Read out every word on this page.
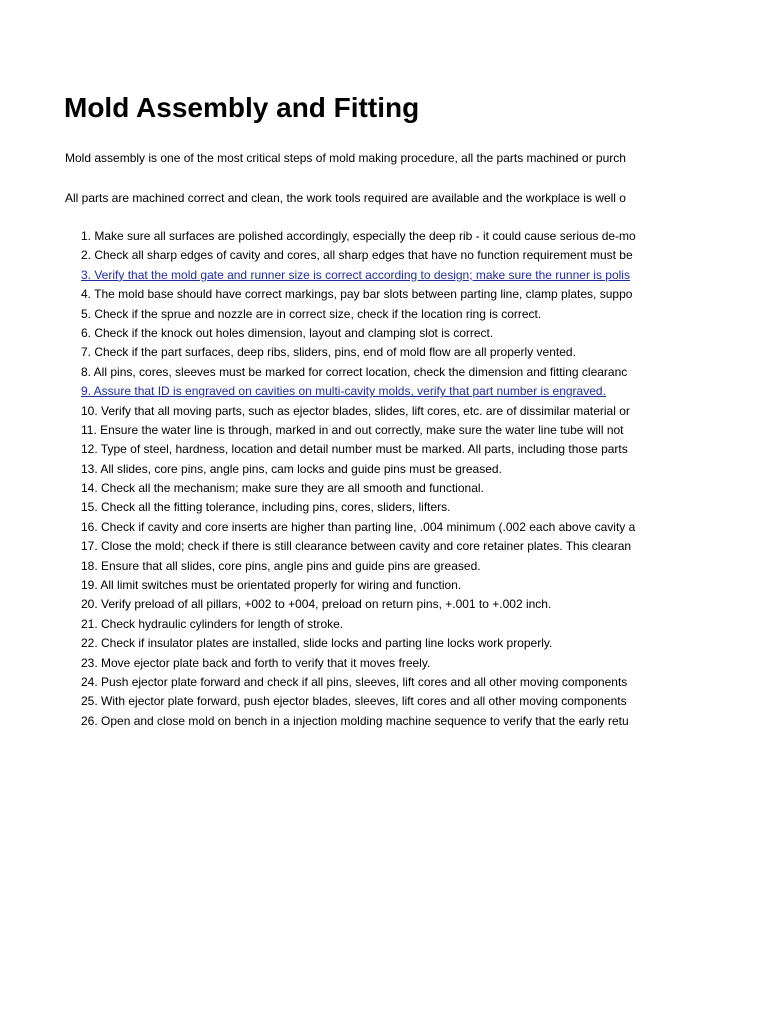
Mold Assembly and Fitting
Mold assembly is one of the most critical steps of mold making procedure, all the parts machined or purch
All parts are machined correct and clean, the work tools required are available and the workplace is well o
1. Make sure all surfaces are polished accordingly, especially the deep rib - it could cause serious de-mo
2. Check all sharp edges of cavity and cores, all sharp edges that have no function requirement must be
3. Verify that the mold gate and runner size is correct according to design; make sure the runner is polis
4. The mold base should have correct markings, pay bar slots between parting line, clamp plates, suppo
5. Check if the sprue and nozzle are in correct size, check if the location ring is correct.
6. Check if the knock out holes dimension, layout and clamping slot is correct.
7. Check if the part surfaces, deep ribs, sliders, pins, end of mold flow are all properly vented.
8. All pins, cores, sleeves must be marked for correct location, check the dimension and fitting clearanc
9. Assure that ID is engraved on cavities on multi-cavity molds, verify that part number is engraved.
10. Verify that all moving parts, such as ejector blades, slides, lift cores, etc. are of dissimilar material or
11. Ensure the water line is through, marked in and out correctly, make sure the water line tube will not
12. Type of steel, hardness, location and detail number must be marked. All parts, including those parts
13. All slides, core pins, angle pins, cam locks and guide pins must be greased.
14. Check all the mechanism; make sure they are all smooth and functional.
15. Check all the fitting tolerance, including pins, cores, sliders, lifters.
16. Check if cavity and core inserts are higher than parting line, .004 minimum (.002 each above cavity a
17. Close the mold; check if there is still clearance between cavity and core retainer plates. This clearan
18. Ensure that all slides, core pins, angle pins and guide pins are greased.
19. All limit switches must be orientated properly for wiring and function.
20. Verify preload of all pillars, +002 to +004, preload on return pins, +.001 to +.002 inch.
21. Check hydraulic cylinders for length of stroke.
22. Check if insulator plates are installed, slide locks and parting line locks work properly.
23. Move ejector plate back and forth to verify that it moves freely.
24. Push ejector plate forward and check if all pins, sleeves, lift cores and all other moving components
25. With ejector plate forward, push ejector blades, sleeves, lift cores and all other moving components
26. Open and close mold on bench in a injection molding machine sequence to verify that the early retu
